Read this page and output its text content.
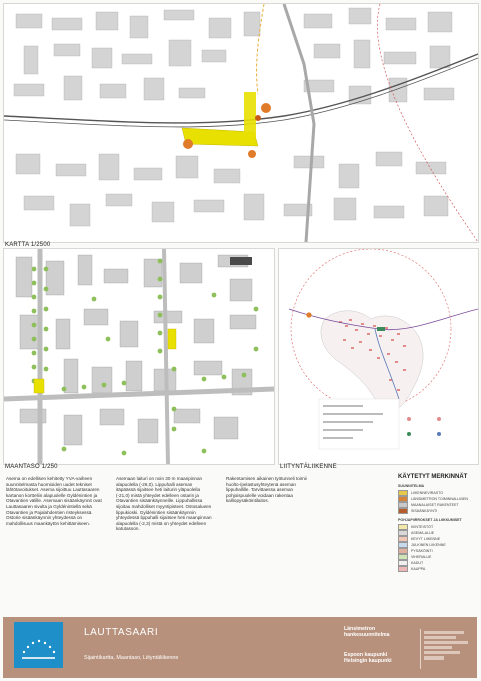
KARTTA 1/2500
MAANTASO 1/250	LIITYNTÄLIIKENNE
Asema on edellisen kehitetty YVA-vaiheen suunnitelmasta huomioiden uudet tekniset lähtötavoitukset. Asema sijoittuu Lauttasaaren kartanon kortteliin alapuolelle Gyldénintien ja Otavantien välille. Asemaan sisäänkäynnit ovat Lauttasaaren sivulta ja Gyldénintiellä sekä Otavantien ja Pajalahdentien risteyksessä. Ostorie sisäänkäynnin yhteydessä on mahdollisuus maankäytön kehittämiseen.
Asemaan laituri on noin 30 m maanpinnan alapuolella (-26,0). Lippuhalli aseman itäpäässä sijaitsee heti laiturin yläpuolella (-21,0) mistä yhteydet edelleen ostarin ja Otavantien sisäänkäynneille. Lippuhallissa sijoitau mahdolliset myyntipisteet. Ostosalueen lippukioski. Gyldénintien sisäänkäynnin yhteydessä lippuhalli sijaitsee heti maanpinnan alapuolella (-2,3) mistä on yhteydet edelleen katutasoon.
Rakentamisen aikainen työtunneli toimii huolto-/pelastusyhteytenä aseman lippuhallille. Tarvittaessa aseman pohjoispuolelle voidaan rakentaa kalliopysäköintilaitos.
KÄYTETYT MERKINNÄT
SUUNNITELMA
LIIKENNEVIRASTO
LÄNSIMETRON TOIMINNALLINEN
MAANALAISET RAKENTEET
SISÄÄNKÄYNTI
POHJAPIIRROKSET JA LIIKKUMISET
KIINTEISTÖT
ASEMA-ALUE
KEVYT LIIKENNE
JULKINEN LIIKENNE
PYSÄKÖINTI
VIHERALUE
KADUT
KAUPPA
LAUTTASAARI
Sijaintikartta, Maantaso, Liityntäliikenne
Länsimetron
hankesuunnitelma
Espoon kaupunki
Helsingin kaupunki
